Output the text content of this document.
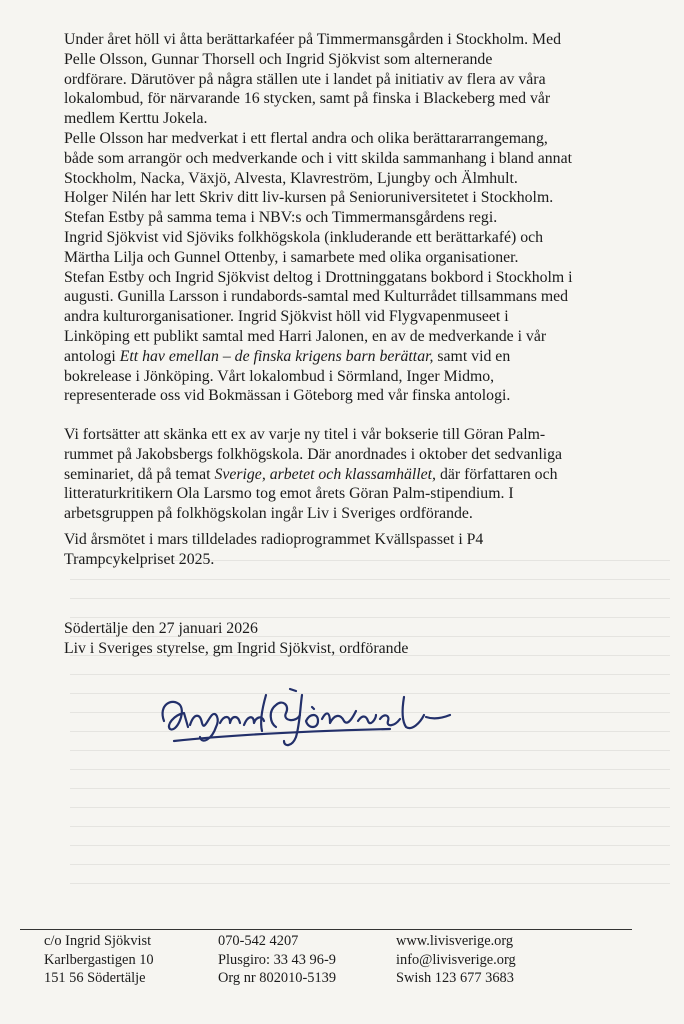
Under året höll vi åtta berättarkaféer på Timmermansgården i Stockholm. Med
Pelle Olsson, Gunnar Thorsell och Ingrid Sjökvist som alternerande
ordförare. Därutöver på några ställen ute i landet på initiativ av flera av våra
lokalombud, för närvarande 16 stycken, samt på finska i Blackeberg med vår
medlem Kerttu Jokela.
Pelle Olsson har medverkat i ett flertal andra och olika berättararrangemang,
både som arrangör och medverkande och i vitt skilda sammanhang i bland annat
Stockholm, Nacka, Växjö, Alvesta, Klavreström, Ljungby och Älmhult.
Holger Nilén har lett Skriv ditt liv-kursen på Senioruniversitetet i Stockholm.
Stefan Estby på samma tema i NBV:s och Timmermansgårdens regi.
Ingrid Sjökvist vid Sjöviks folkhögskola (inkluderande ett berättarkafé) och
Märtha Lilja och Gunnel Ottenby, i samarbete med olika organisationer.
Stefan Estby och Ingrid Sjökvist deltog i Drottninggatans bokbord i Stockholm i
augusti. Gunilla Larsson i rundabords-samtal med Kulturrådet tillsammans med
andra kulturorganisationer. Ingrid Sjökvist höll vid Flygvapenmuseet i
Linköping ett publikt samtal med Harri Jalonen, en av de medverkande i vår
antologi Ett hav emellan – de finska krigens barn berättar, samt vid en
bokrelease i Jönköping. Vårt lokalombud i Sörmland, Inger Midmo,
representerade oss vid Bokmässan i Göteborg med vår finska antologi.

Vi fortsätter att skänka ett ex av varje ny titel i vår bokserie till Göran Palm-
rummet på Jakobsbergs folkhögskola. Där anordnades i oktober det sedvanliga
seminariet, då på temat Sverige, arbetet och klassamhället, där författaren och
litteraturkritikern Ola Larsmo tog emot årets Göran Palm-stipendium. I
arbetsgruppen på folkhögskolan ingår Liv i Sveriges ordförande.

Vid årsmötet i mars tilldelades radioprogrammet Kvällspasset i P4
Trampcykelpriset 2025.

Södertälje den 27 januari 2026
Liv i Sveriges styrelse, gm Ingrid Sjökvist, ordförande

c/o Ingrid Sjökvist
Karlbergastigen 10
151 56 Södertälje
070-542 4207
Plusgiro: 33 43 96-9
Org nr 802010-5139
www.livisverige.org
info@livisverige.org
Swish 123 677 3683
